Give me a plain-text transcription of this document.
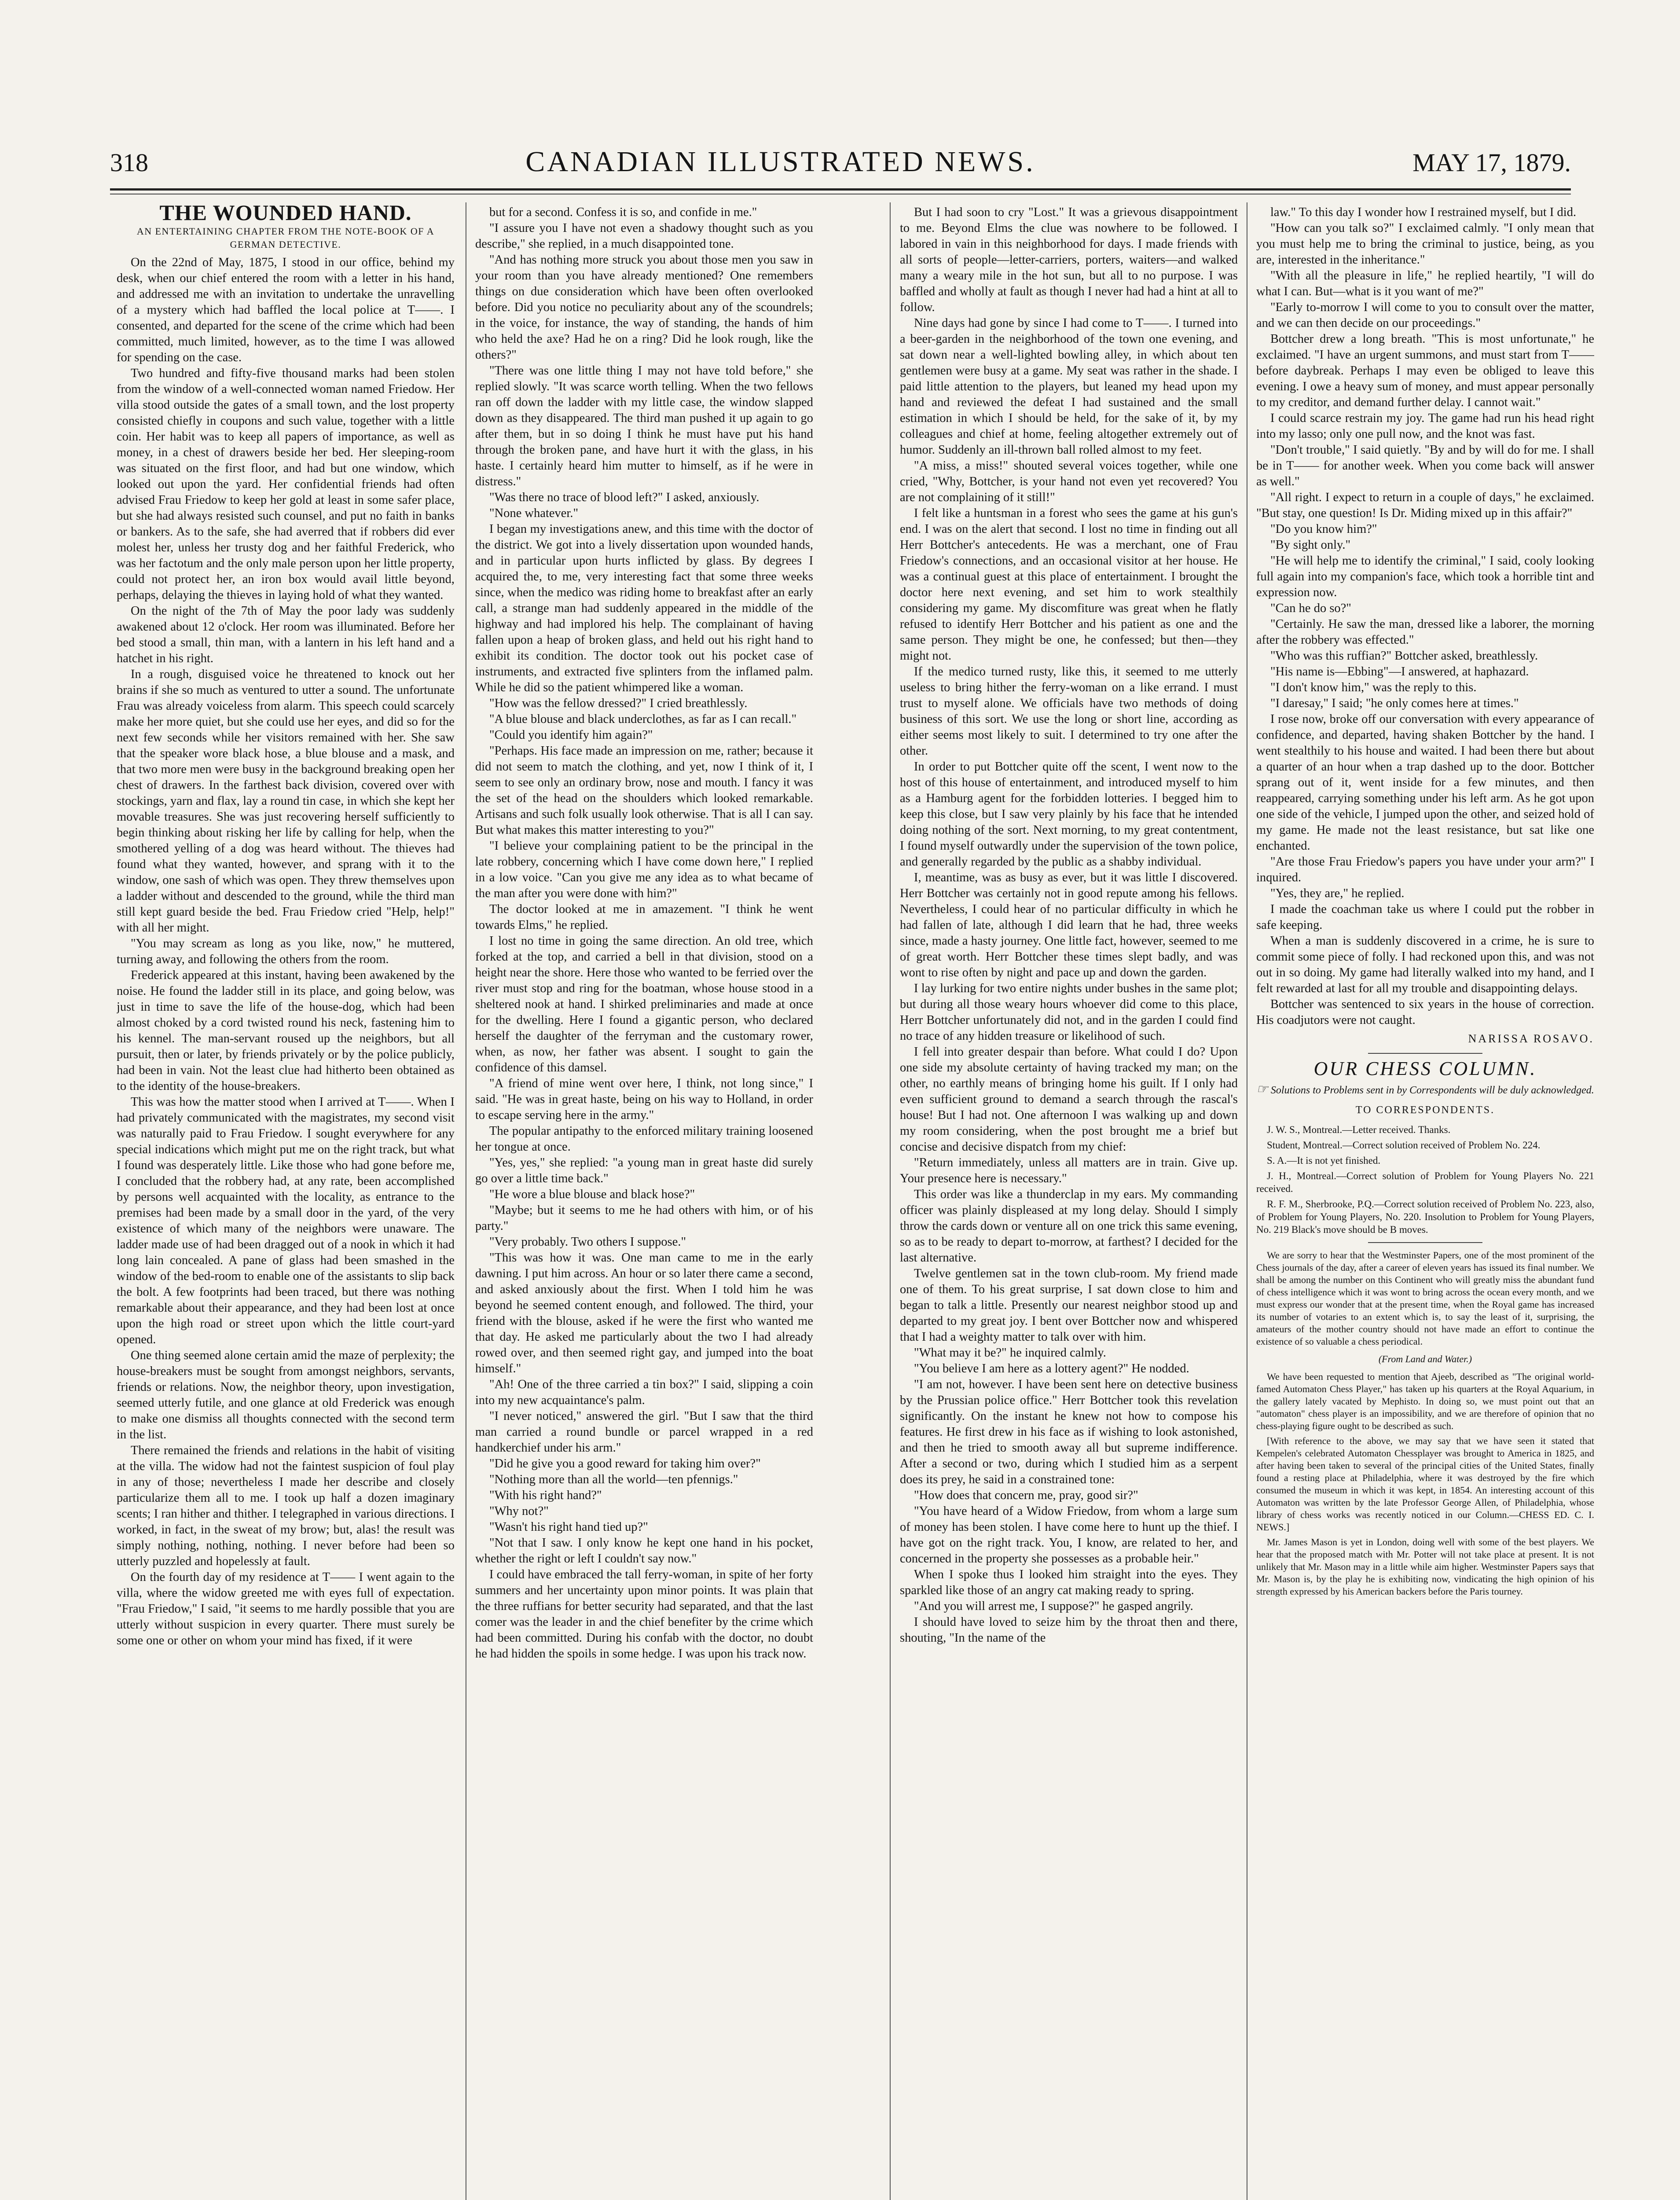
318	CANADIAN ILLUSTRATED NEWS.	MAY 17, 1879.
THE WOUNDED HAND.
AN ENTERTAINING CHAPTER FROM THE NOTE-BOOK OF A GERMAN DETECTIVE.

On the 22nd of May, 1875, I stood in our office, behind my desk, when our chief entered the room with a letter in his hand, and addressed me with an invitation to undertake the unravelling of a mystery which had baffled the local police at T——. I consented, and departed for the scene of the crime which had been committed, much limited, however, as to the time I was allowed for spending on the case.

Two hundred and fifty-five thousand marks had been stolen from the window of a well-connected woman named Friedow. Her villa stood outside the gates of a small town, and the lost property consisted chiefly in coupons and such value, together with a little coin. Her habit was to keep all papers of importance, as well as money, in a chest of drawers beside her bed. Her sleeping-room was situated on the first floor, and had but one window, which looked out upon the yard. Her confidential friends had often advised Frau Friedow to keep her gold at least in some safer place, but she had always resisted such counsel, and put no faith in banks or bankers. As to the safe, she had averred that if robbers did ever molest her, unless her trusty dog and her faithful Frederick, who was her factotum and the only male person upon her little property, could not protect her, an iron box would avail little beyond, perhaps, delaying the thieves in laying hold of what they wanted.

On the night of the 7th of May the poor lady was suddenly awakened about 12 o'clock. Her room was illuminated. Before her bed stood a small, thin man, with a lantern in his left hand and a hatchet in his right.

In a rough, disguised voice he threatened to knock out her brains if she so much as ventured to utter a sound. The unfortunate Frau was already voiceless from alarm. This speech could scarcely make her more quiet, but she could use her eyes, and did so for the next few seconds while her visitors remained with her. She saw that the speaker wore black hose, a blue blouse and a mask, and that two more men were busy in the background breaking open her chest of drawers. In the farthest back division, covered over with stockings, yarn and flax, lay a round tin case, in which she kept her movable treasures. She was just recovering herself sufficiently to begin thinking about risking her life by calling for help, when the smothered yelling of a dog was heard without. The thieves had found what they wanted, however, and sprang with it to the window, one sash of which was open. They threw themselves upon a ladder without and descended to the ground, while the third man still kept guard beside the bed. Frau Friedow cried "Help, help!" with all her might.

"You may scream as long as you like, now," he muttered, turning away, and following the others from the room.

Frederick appeared at this instant, having been awakened by the noise. He found the ladder still in its place, and going below, was just in time to save the life of the house-dog, which had been almost choked by a cord twisted round his neck, fastening him to his kennel. The man-servant roused up the neighbors, but all pursuit, then or later, by friends privately or by the police publicly, had been in vain. Not the least clue had hitherto been obtained as to the identity of the house-breakers.

This was how the matter stood when I arrived at T——. When I had privately communicated with the magistrates, my second visit was naturally paid to Frau Friedow. I sought everywhere for any special indications which might put me on the right track, but what I found was desperately little. Like those who had gone before me, I concluded that the robbery had, at any rate, been accomplished by persons well acquainted with the locality, as entrance to the premises had been made by a small door in the yard, of the very existence of which many of the neighbors were unaware. The ladder made use of had been dragged out of a nook in which it had long lain concealed. A pane of glass had been smashed in the window of the bed-room to enable one of the assistants to slip back the bolt. A few footprints had been traced, but there was nothing remarkable about their appearance, and they had been lost at once upon the high road or street upon which the little court-yard opened.

One thing seemed alone certain amid the maze of perplexity; the house-breakers must be sought from amongst neighbors, servants, friends or relations. Now, the neighbor theory, upon investigation, seemed utterly futile, and one glance at old Frederick was enough to make one dismiss all thoughts connected with the second term in the list.

There remained the friends and relations in the habit of visiting at the villa. The widow had not the faintest suspicion of foul play in any of those; nevertheless I made her describe and closely particularize them all to me. I took up half a dozen imaginary scents; I ran hither and thither. I telegraphed in various directions. I worked, in fact, in the sweat of my brow; but, alas! the result was simply nothing, nothing, nothing. I never before had been so utterly puzzled and hopelessly at fault.

On the fourth day of my residence at T—— I went again to the villa, where the widow greeted me with eyes full of expectation. "Frau Friedow," I said, "it seems to me hardly possible that you are utterly without suspicion in every quarter. There must surely be some one or other on whom your mind has fixed, if it were

but for a second. Confess it is so, and confide in me."

"I assure you I have not even a shadowy thought such as you describe," she replied, in a much disappointed tone.

"And has nothing more struck you about those men you saw in your room than you have already mentioned? One remembers things on due consideration which have been often overlooked before. Did you notice no peculiarity about any of the scoundrels; in the voice, for instance, the way of standing, the hands of him who held the axe? Had he on a ring? Did he look rough, like the others?"

"There was one little thing I may not have told before," she replied slowly. "It was scarce worth telling. When the two fellows ran off down the ladder with my little case, the window slapped down as they disappeared. The third man pushed it up again to go after them, but in so doing I think he must have put his hand through the broken pane, and have hurt it with the glass, in his haste. I certainly heard him mutter to himself, as if he were in distress."

"Was there no trace of blood left?" I asked, anxiously.

"None whatever."

I began my investigations anew, and this time with the doctor of the district. We got into a lively dissertation upon wounded hands, and in particular upon hurts inflicted by glass. By degrees I acquired the, to me, very interesting fact that some three weeks since, when the medico was riding home to breakfast after an early call, a strange man had suddenly appeared in the middle of the highway and had implored his help. The complainant of having fallen upon a heap of broken glass, and held out his right hand to exhibit its condition. The doctor took out his pocket case of instruments, and extracted five splinters from the inflamed palm. While he did so the patient whimpered like a woman.

"How was the fellow dressed?" I cried breathlessly.

"A blue blouse and black underclothes, as far as I can recall."

"Could you identify him again?"

"Perhaps. His face made an impression on me, rather; because it did not seem to match the clothing, and yet, now I think of it, I seem to see only an ordinary brow, nose and mouth. I fancy it was the set of the head on the shoulders which looked remarkable. Artisans and such folk usually look otherwise. That is all I can say. But what makes this matter interesting to you?"

"I believe your complaining patient to be the principal in the late robbery, concerning which I have come down here," I replied in a low voice. "Can you give me any idea as to what became of the man after you were done with him?"

The doctor looked at me in amazement. "I think he went towards Elms," he replied.

I lost no time in going the same direction. An old tree, which forked at the top, and carried a bell in that division, stood on a height near the shore. Here those who wanted to be ferried over the river must stop and ring for the boatman, whose house stood in a sheltered nook at hand. I shirked preliminaries and made at once for the dwelling. Here I found a gigantic person, who declared herself the daughter of the ferryman and the customary rower, when, as now, her father was absent. I sought to gain the confidence of this damsel.

"A friend of mine went over here, I think, not long since," I said. "He was in great haste, being on his way to Holland, in order to escape serving here in the army."

The popular antipathy to the enforced military training loosened her tongue at once.

"Yes, yes," she replied: "a young man in great haste did surely go over a little time back."

"He wore a blue blouse and black hose?"

"Maybe; but it seems to me he had others with him, or of his party."

"Very probably. Two others I suppose."

"This was how it was. One man came to me in the early dawning. I put him across. An hour or so later there came a second, and asked anxiously about the first. When I told him he was beyond he seemed content enough, and followed. The third, your friend with the blouse, asked if he were the first who wanted me that day. He asked me particularly about the two I had already rowed over, and then seemed right gay, and jumped into the boat himself."

"Ah! One of the three carried a tin box?" I said, slipping a coin into my new acquaintance's palm.

"I never noticed," answered the girl. "But I saw that the third man carried a round bundle or parcel wrapped in a red handkerchief under his arm."

"Did he give you a good reward for taking him over?"

"Nothing more than all the world—ten pfennigs."

"With his right hand?"

"Why not?"

"Wasn't his right hand tied up?"

"Not that I saw. I only know he kept one hand in his pocket, whether the right or left I couldn't say now."

I could have embraced the tall ferry-woman, in spite of her forty summers and her uncertainty upon minor points. It was plain that the three ruffians for better security had separated, and that the last comer was the leader in and the chief benefiter by the crime which had been committed. During his confab with the doctor, no doubt he had hidden the spoils in some hedge. I was upon his track now.

But I had soon to cry "Lost." It was a grievous disappointment to me. Beyond Elms the clue was nowhere to be followed. I labored in vain in this neighborhood for days. I made friends with all sorts of people—letter-carriers, porters, waiters—and walked many a weary mile in the hot sun, but all to no purpose. I was baffled and wholly at fault as though I never had had a hint at all to follow.

Nine days had gone by since I had come to T——. I turned into a beer-garden in the neighborhood of the town one evening, and sat down near a well-lighted bowling alley, in which about ten gentlemen were busy at a game. My seat was rather in the shade. I paid little attention to the players, but leaned my head upon my hand and reviewed the defeat I had sustained and the small estimation in which I should be held, for the sake of it, by my colleagues and chief at home, feeling altogether extremely out of humor. Suddenly an ill-thrown ball rolled almost to my feet.

"A miss, a miss!" shouted several voices together, while one cried, "Why, Bottcher, is your hand not even yet recovered? You are not complaining of it still!"

I felt like a huntsman in a forest who sees the game at his gun's end. I was on the alert that second. I lost no time in finding out all Herr Bottcher's antecedents. He was a merchant, one of Frau Friedow's connections, and an occasional visitor at her house. He was a continual guest at this place of entertainment. I brought the doctor here next evening, and set him to work stealthily considering my game. My discomfiture was great when he flatly refused to identify Herr Bottcher and his patient as one and the same person. They might be one, he confessed; but then—they might not.

If the medico turned rusty, like this, it seemed to me utterly useless to bring hither the ferry-woman on a like errand. I must trust to myself alone. We officials have two methods of doing business of this sort. We use the long or short line, according as either seems most likely to suit. I determined to try one after the other.

In order to put Bottcher quite off the scent, I went now to the host of this house of entertainment, and introduced myself to him as a Hamburg agent for the forbidden lotteries. I begged him to keep this close, but I saw very plainly by his face that he intended doing nothing of the sort. Next morning, to my great contentment, I found myself outwardly under the supervision of the town police, and generally regarded by the public as a shabby individual.

I, meantime, was as busy as ever, but it was little I discovered. Herr Bottcher was certainly not in good repute among his fellows. Nevertheless, I could hear of no particular difficulty in which he had fallen of late, although I did learn that he had, three weeks since, made a hasty journey. One little fact, however, seemed to me of great worth. Herr Bottcher these times slept badly, and was wont to rise often by night and pace up and down the garden.

I lay lurking for two entire nights under bushes in the same plot; but during all those weary hours whoever did come to this place, Herr Bottcher unfortunately did not, and in the garden I could find no trace of any hidden treasure or likelihood of such.

I fell into greater despair than before. What could I do? Upon one side my absolute certainty of having tracked my man; on the other, no earthly means of bringing home his guilt. If I only had even sufficient ground to demand a search through the rascal's house! But I had not. One afternoon I was walking up and down my room considering, when the post brought me a brief but concise and decisive dispatch from my chief:

"Return immediately, unless all matters are in train. Give up. Your presence here is necessary."

This order was like a thunderclap in my ears. My commanding officer was plainly displeased at my long delay. Should I simply throw the cards down or venture all on one trick this same evening, so as to be ready to depart to-morrow, at farthest? I decided for the last alternative.

Twelve gentlemen sat in the town club-room. My friend made one of them. To his great surprise, I sat down close to him and began to talk a little. Presently our nearest neighbor stood up and departed to my great joy. I bent over Bottcher now and whispered that I had a weighty matter to talk over with him.

"What may it be?" he inquired calmly.

"You believe I am here as a lottery agent?" He nodded.

"I am not, however. I have been sent here on detective business by the Prussian police office." Herr Bottcher took this revelation significantly. On the instant he knew not how to compose his features. He first drew in his face as if wishing to look astonished, and then he tried to smooth away all but supreme indifference. After a second or two, during which I studied him as a serpent does its prey, he said in a constrained tone:

"How does that concern me, pray, good sir?"

"You have heard of a Widow Friedow, from whom a large sum of money has been stolen. I have come here to hunt up the thief. I have got on the right track. You, I know, are related to her, and concerned in the property she possesses as a probable heir."

When I spoke thus I looked him straight into the eyes. They sparkled like those of an angry cat making ready to spring.

"And you will arrest me, I suppose?" he gasped angrily.

I should have loved to seize him by the throat then and there, shouting, "In the name of the

law." To this day I wonder how I restrained myself, but I did.

"How can you talk so?" I exclaimed calmly. "I only mean that you must help me to bring the criminal to justice, being, as you are, interested in the inheritance."

"With all the pleasure in life," he replied heartily, "I will do what I can. But—what is it you want of me?"

"Early to-morrow I will come to you to consult over the matter, and we can then decide on our proceedings."

Bottcher drew a long breath. "This is most unfortunate," he exclaimed. "I have an urgent summons, and must start from T—— before daybreak. Perhaps I may even be obliged to leave this evening. I owe a heavy sum of money, and must appear personally to my creditor, and demand further delay. I cannot wait."

I could scarce restrain my joy. The game had run his head right into my lasso; only one pull now, and the knot was fast.

"Don't trouble," I said quietly. "By and by will do for me. I shall be in T—— for another week. When you come back will answer as well."

"All right. I expect to return in a couple of days," he exclaimed. "But stay, one question! Is Dr. Miding mixed up in this affair?"

"Do you know him?"

"By sight only."

"He will help me to identify the criminal," I said, cooly looking full again into my companion's face, which took a horrible tint and expression now.

"Can he do so?"

"Certainly. He saw the man, dressed like a laborer, the morning after the robbery was effected."

"Who was this ruffian?" Bottcher asked, breathlessly.

"His name is—Ebbing"—I answered, at haphazard.

"I don't know him," was the reply to this.

"I daresay," I said; "he only comes here at times."

I rose now, broke off our conversation with every appearance of confidence, and departed, having shaken Bottcher by the hand. I went stealthily to his house and waited. I had been there but about a quarter of an hour when a trap dashed up to the door. Bottcher sprang out of it, went inside for a few minutes, and then reappeared, carrying something under his left arm. As he got upon one side of the vehicle, I jumped upon the other, and seized hold of my game. He made not the least resistance, but sat like one enchanted.

"Are those Frau Friedow's papers you have under your arm?" I inquired.

"Yes, they are," he replied.

I made the coachman take us where I could put the robber in safe keeping.

When a man is suddenly discovered in a crime, he is sure to commit some piece of folly. I had reckoned upon this, and was not out in so doing. My game had literally walked into my hand, and I felt rewarded at last for all my trouble and disappointing delays.

Bottcher was sentenced to six years in the house of correction. His coadjutors were not caught.

NARISSA ROSAVO.
OUR CHESS COLUMN.
☞ Solutions to Problems sent in by Correspondents will be duly acknowledged.
TO CORRESPONDENTS.

J. W. S., Montreal.—Letter received. Thanks.

Student, Montreal.—Correct solution received of Problem No. 224.

S. A.—It is not yet finished.

J. H., Montreal.—Correct solution of Problem for Young Players No. 221 received.

R. F. M., Sherbrooke, P.Q.—Correct solution received of Problem No. 223, also, of Problem for Young Players, No. 220. Insolution to Problem for Young Players, No. 219 Black's move should be B moves.

We are sorry to hear that the Westminster Papers, one of the most prominent of the Chess journals of the day, after a career of eleven years has issued its final number. We shall be among the number on this Continent who will greatly miss the abundant fund of chess intelligence which it was wont to bring across the ocean every month, and we must express our wonder that at the present time, when the Royal game has increased its number of votaries to an extent which is, to say the least of it, surprising, the amateurs of the mother country should not have made an effort to continue the existence of so valuable a chess periodical.

(From Land and Water.)

We have been requested to mention that Ajeeb, described as "The original world-famed Automaton Chess Player," has taken up his quarters at the Royal Aquarium, in the gallery lately vacated by Mephisto. In doing so, we must point out that an "automaton" chess player is an impossibility, and we are therefore of opinion that no chess-playing figure ought to be described as such.

[With reference to the above, we may say that we have seen it stated that Kempelen's celebrated Automaton Chessplayer was brought to America in 1825, and after having been taken to several of the principal cities of the United States, finally found a resting place at Philadelphia, where it was destroyed by the fire which consumed the museum in which it was kept, in 1854. An interesting account of this Automaton was written by the late Professor George Allen, of Philadelphia, whose library of chess works was recently noticed in our Column.—CHESS ED. C. I. NEWS.]

Mr. James Mason is yet in London, doing well with some of the best players. We hear that the proposed match with Mr. Potter will not take place at present. It is not unlikely that Mr. Mason may in a little while aim higher. Westminster Papers says that Mr. Mason is, by the play he is exhibiting now, vindicating the high opinion of his strength expressed by his American backers before the Paris tourney.
